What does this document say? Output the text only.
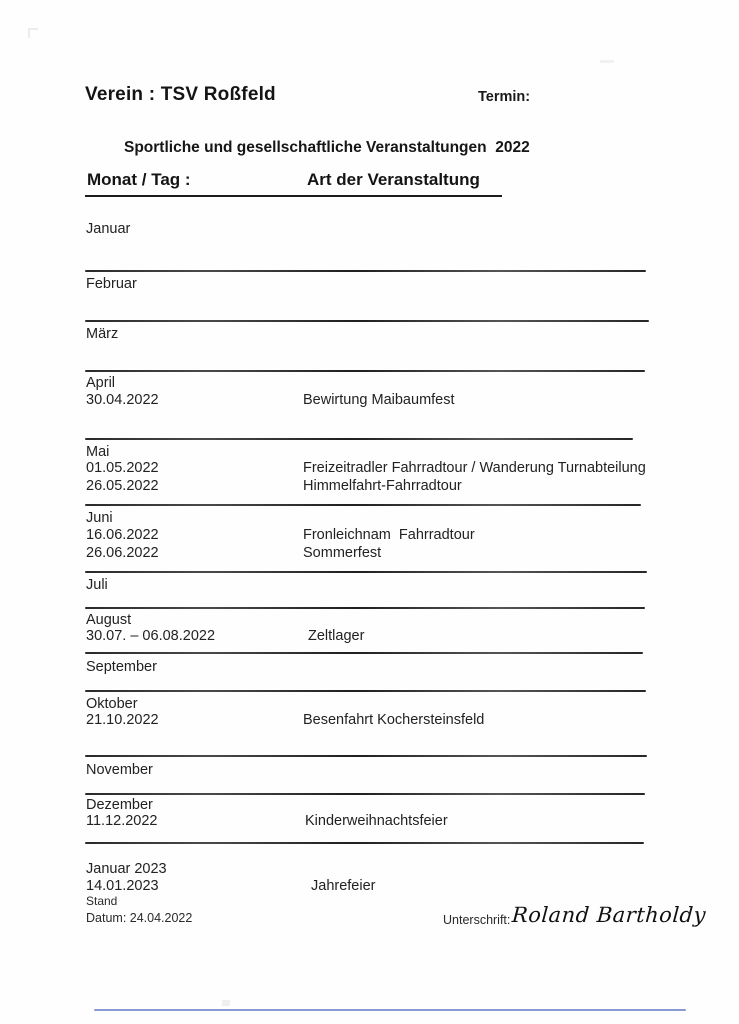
Verein : TSV Roßfeld	Termin:
Sportliche und gesellschaftliche Veranstaltungen  2022
Monat / Tag :	Art der Veranstaltung
Januar
Februar
März
April
30.04.2022	Bewirtung Maibaumfest
Mai
01.05.2022	Freizeitradler Fahrradtour / Wanderung Turnabteilung
26.05.2022	Himmelfahrt-Fahrradtour
Juni
16.06.2022	Fronleichnam  Fahrradtour
26.06.2022	Sommerfest
Juli
August
30.07. – 06.08.2022	Zeltlager
September
Oktober
21.10.2022	Besenfahrt Kochersteinsfeld
November
Dezember
11.12.2022	Kinderweihnachtsfeier
Januar 2023
14.01.2023	Jahrefeier
Stand
Datum: 24.04.2022	Unterschrift: Roland Bartholdy
